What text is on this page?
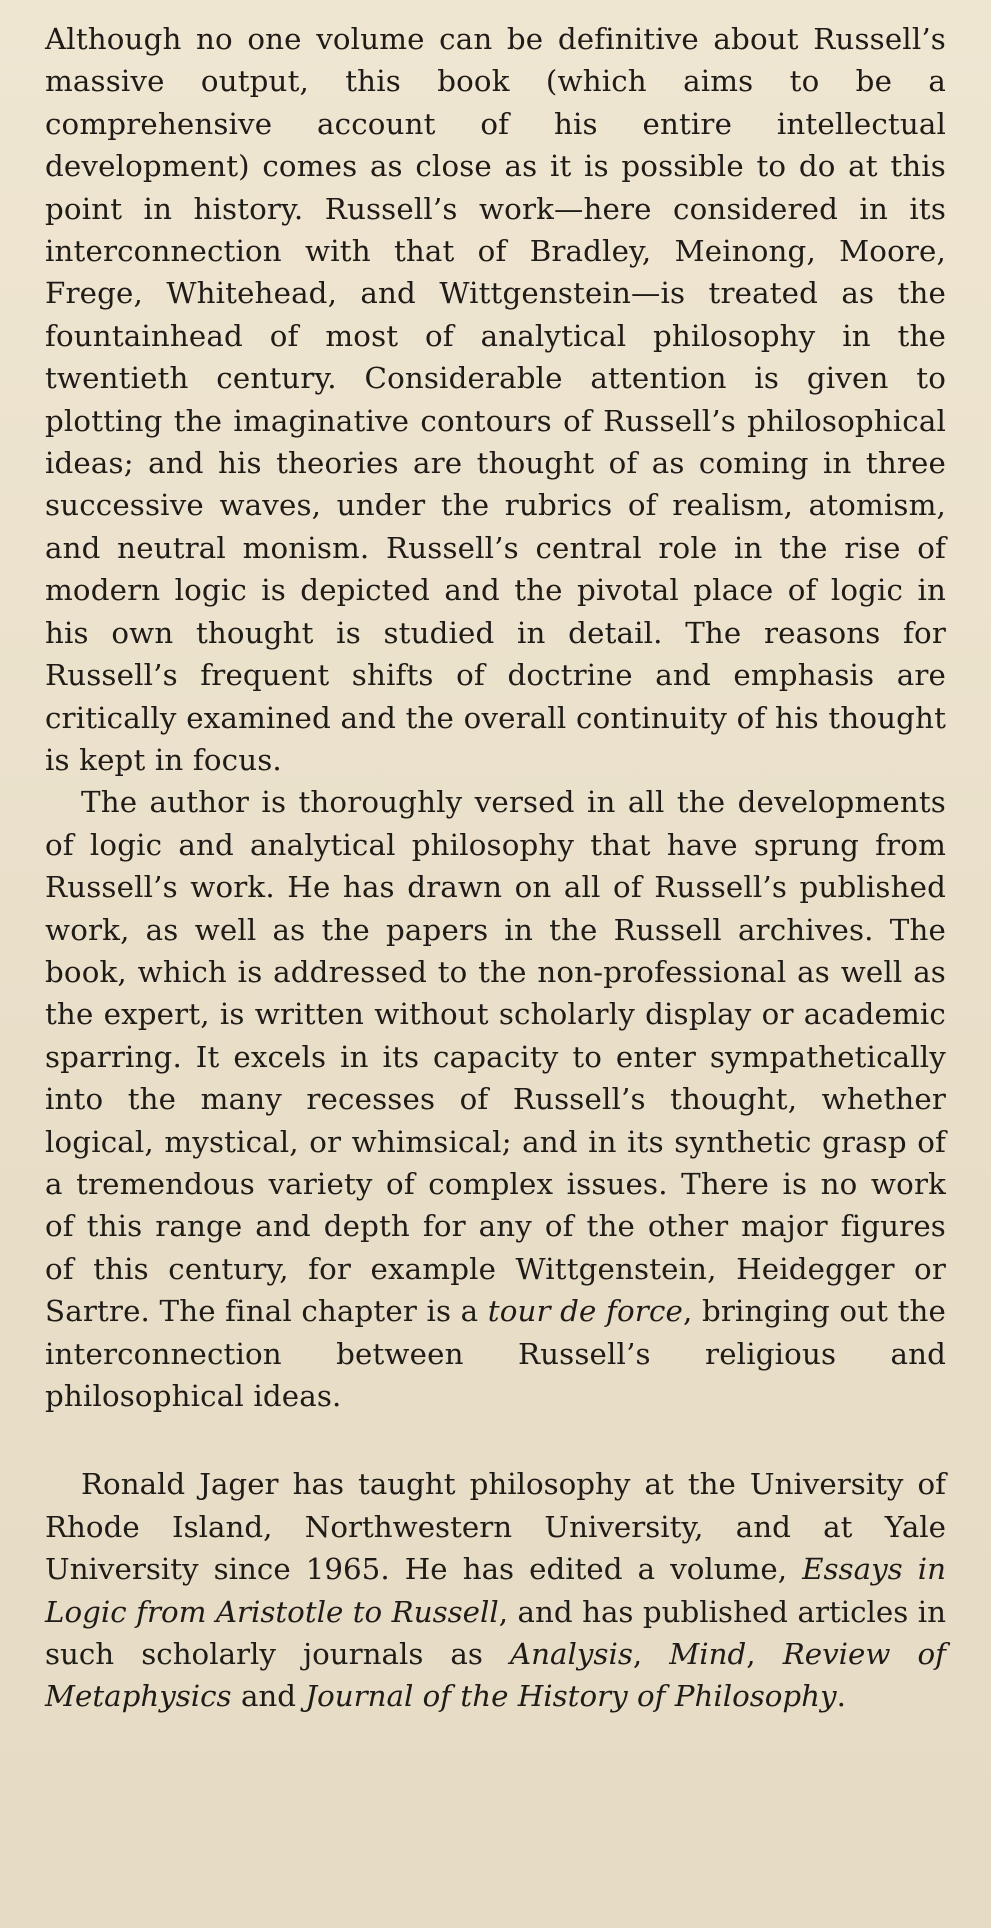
Although no one volume can be definitive about Russell’s massive output, this book (which aims to be a comprehensive account of his entire intellectual development) comes as close as it is possible to do at this point in history. Russell’s work—here considered in its interconnection with that of Bradley, Meinong, Moore, Frege, Whitehead, and Wittgenstein—is treated as the fountainhead of most of analytical philosophy in the twentieth century. Considerable attention is given to plotting the imaginative contours of Russell’s philosophical ideas; and his theories are thought of as coming in three successive waves, under the rubrics of realism, atomism, and neutral monism. Russell’s central role in the rise of modern logic is depicted and the pivotal place of logic in his own thought is studied in detail. The reasons for Russell’s frequent shifts of doctrine and emphasis are critically examined and the overall continuity of his thought is kept in focus.

The author is thoroughly versed in all the developments of logic and analytical philosophy that have sprung from Russell’s work. He has drawn on all of Russell’s published work, as well as the papers in the Russell archives. The book, which is addressed to the non-professional as well as the expert, is written without scholarly display or academic sparring. It excels in its capacity to enter sympathetically into the many recesses of Russell’s thought, whether logical, mystical, or whimsical; and in its synthetic grasp of a tremendous variety of complex issues. There is no work of this range and depth for any of the other major figures of this century, for example Wittgenstein, Heidegger or Sartre. The final chapter is a tour de force, bringing out the interconnection between Russell’s religious and philosophical ideas.

Ronald Jager has taught philosophy at the University of Rhode Island, Northwestern University, and at Yale University since 1965. He has edited a volume, Essays in Logic from Aristotle to Russell, and has published articles in such scholarly journals as Analysis, Mind, Review of Metaphysics and Journal of the History of Philosophy.
